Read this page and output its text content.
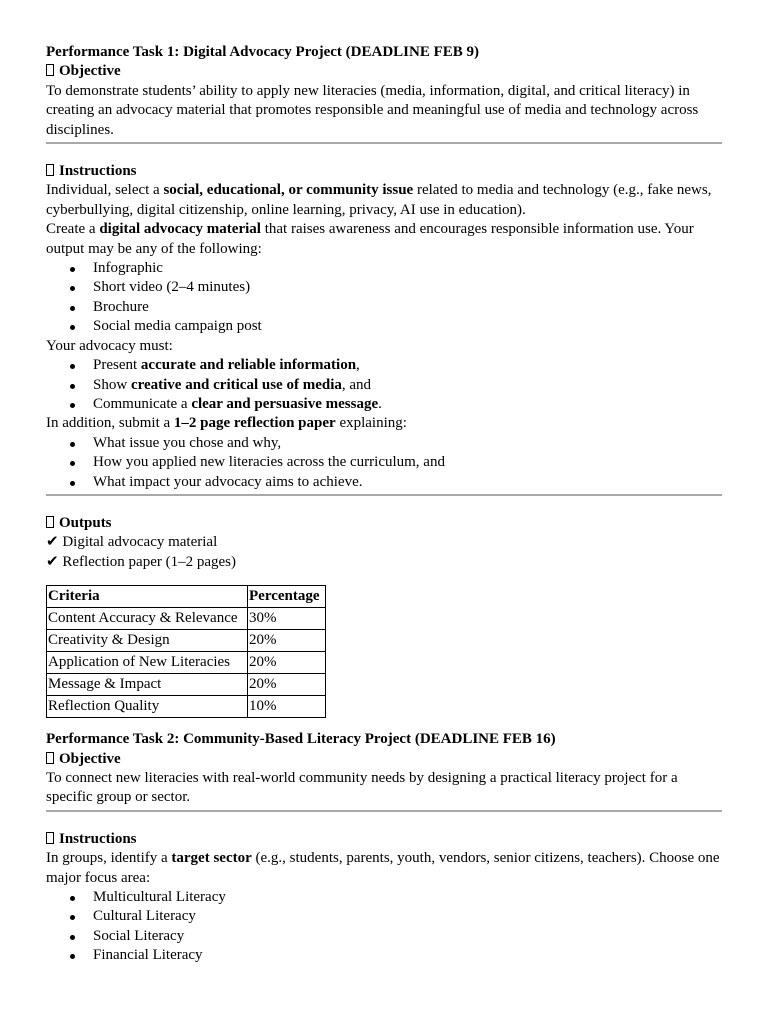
Performance Task 1: Digital Advocacy Project (DEADLINE FEB 9)

Objective

To demonstrate students’ ability to apply new literacies (media, information, digital, and critical literacy) in creating an advocacy material that promotes responsible and meaningful use of media and technology across disciplines.

Instructions

Individual, select a social, educational, or community issue related to media and technology (e.g., fake news, cyberbullying, digital citizenship, online learning, privacy, AI use in education).

Create a digital advocacy material that raises awareness and encourages responsible information use. Your output may be any of the following:

Infographic
Short video (2–4 minutes)
Brochure
Social media campaign post

Your advocacy must:

Present accurate and reliable information,
Show creative and critical use of media, and
Communicate a clear and persuasive message.

In addition, submit a 1–2 page reflection paper explaining:

What issue you chose and why,
How you applied new literacies across the curriculum, and
What impact your advocacy aims to achieve.

Outputs

✔ Digital advocacy material

✔ Reflection paper (1–2 pages)

Criteria	Percentage
Content Accuracy & Relevance	30%
Creativity & Design	20%
Application of New Literacies	20%
Message & Impact	20%
Reflection Quality	10%

Performance Task 2: Community-Based Literacy Project (DEADLINE FEB 16)

Objective

To connect new literacies with real-world community needs by designing a practical literacy project for a specific group or sector.

Instructions

In groups, identify a target sector (e.g., students, parents, youth, vendors, senior citizens, teachers). Choose one major focus area:

Multicultural Literacy
Cultural Literacy
Social Literacy
Financial Literacy
